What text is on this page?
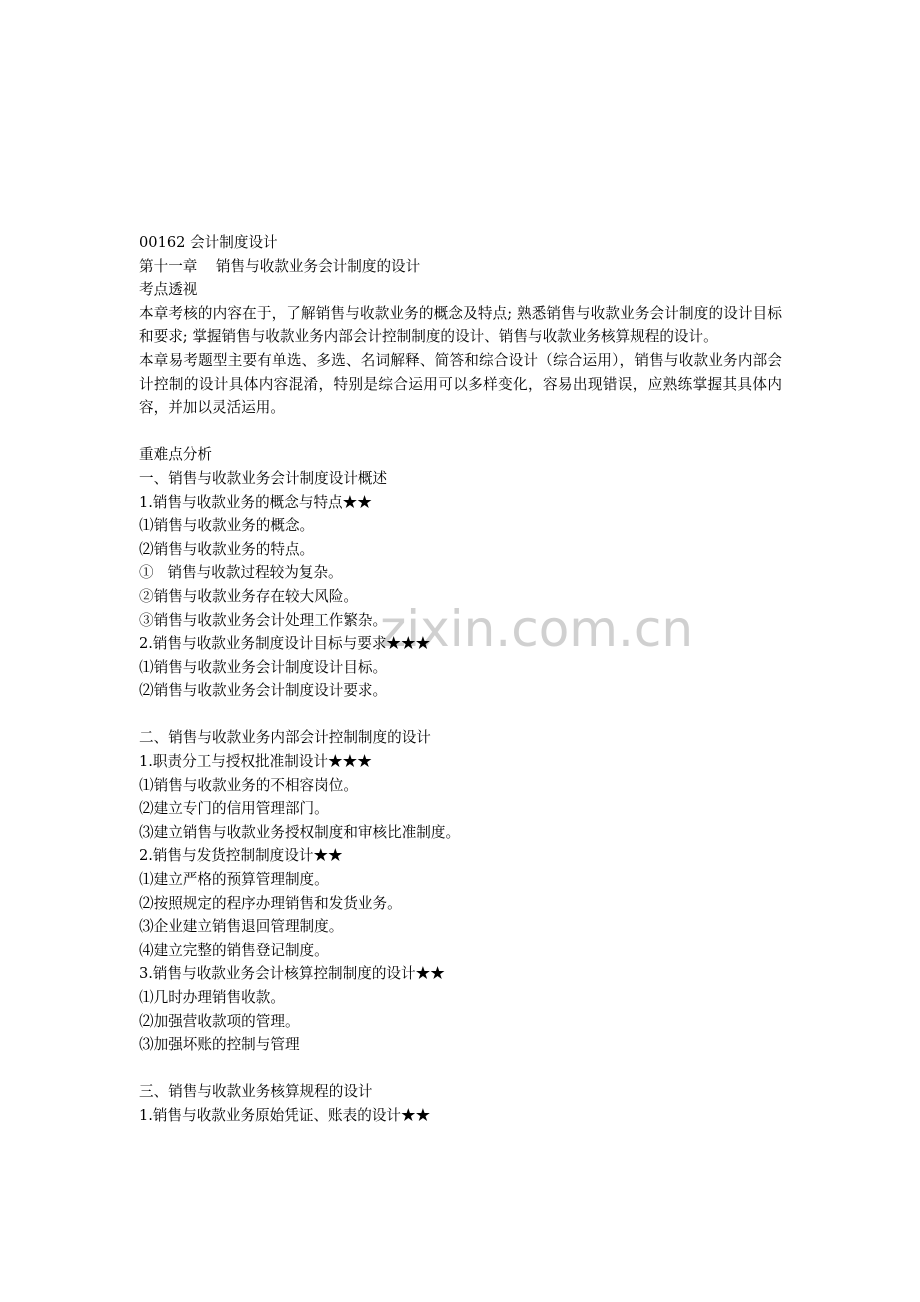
zixin.com.cn
00162 会计制度设计
第十一章    销售与收款业务会计制度的设计
考点透视
本章考核的内容在于，了解销售与收款业务的概念及特点; 熟悉销售与收款业务会计制度的设计目标和要求; 掌握销售与收款业务内部会计控制制度的设计、销售与收款业务核算规程的设计。
本章易考题型主要有单选、多选、名词解释、简答和综合设计（综合运用），销售与收款业务内部会计控制的设计具体内容混淆，特别是综合运用可以多样变化，容易出现错误，应熟练掌握其具体内容，并加以灵活运用。
重难点分析
一、销售与收款业务会计制度设计概述
1.销售与收款业务的概念与特点★★
⑴销售与收款业务的概念。
⑵销售与收款业务的特点。
①   销售与收款过程较为复杂。
②销售与收款业务存在较大风险。
③销售与收款业务会计处理工作繁杂。
2.销售与收款业务制度设计目标与要求★★★
⑴销售与收款业务会计制度设计目标。
⑵销售与收款业务会计制度设计要求。
二、销售与收款业务内部会计控制制度的设计
1.职责分工与授权批准制设计★★★
⑴销售与收款业务的不相容岗位。
⑵建立专门的信用管理部门。
⑶建立销售与收款业务授权制度和审核比准制度。
2.销售与发货控制制度设计★★
⑴建立严格的预算管理制度。
⑵按照规定的程序办理销售和发货业务。
⑶企业建立销售退回管理制度。
⑷建立完整的销售登记制度。
3.销售与收款业务会计核算控制制度的设计★★
⑴几时办理销售收款。
⑵加强营收款项的管理。
⑶加强坏账的控制与管理
三、销售与收款业务核算规程的设计
1.销售与收款业务原始凭证、账表的设计★★
